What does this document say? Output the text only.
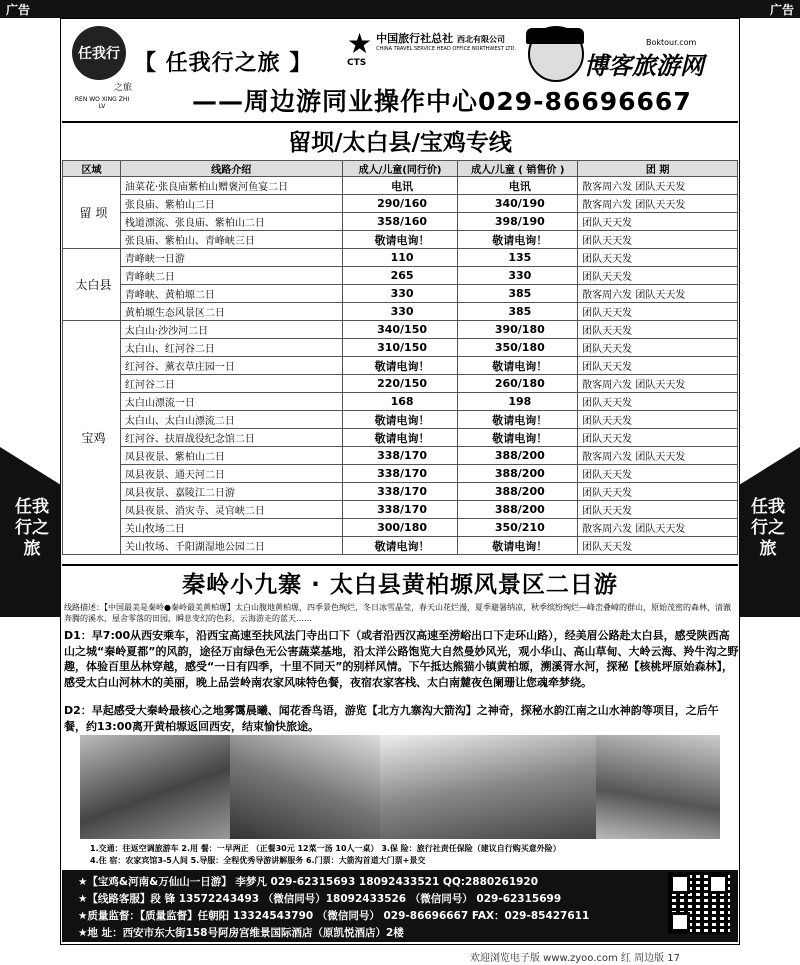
广告	广告
任我行之旅
任我行之旅
任我行
之旅
REN WO XING ZHI LV
【 任我行之旅 】
★ 中国旅行社总社 西北有限公司
CHINA TRAVEL SERVICE HEAD OFFICE NORTHWEST LTD.
CTS
Boktour.com
博客旅游网
——周边游同业操作中心029-86696667
留坝/太白县/宝鸡专线
区域	线路介绍	成人/儿童(同行价)	成人/儿童 ( 销售价 )	团 期
留 坝	油菜花·张良庙紫柏山赠褒河鱼宴二日	电讯	电讯	散客周六发 团队天天发
	张良庙、紫柏山二日	290/160	340/190	散客周六发 团队天天发
	栈道漂流、张良庙、紫柏山二日	358/160	398/190	团队天天发
	张良庙、紫柏山、青峰峡三日	敬请电询！	敬请电询！	团队天天发
太白县	青峰峡一日游	110	135	团队天天发
	青峰峡二日	265	330	团队天天发
	青峰峡、黄柏塬二日	330	385	散客周六发 团队天天发
	黄柏塬生态风景区二日	330	385	团队天天发
宝鸡	太白山·沙沙河二日	340/150	390/180	团队天天发
	太白山、红河谷二日	310/150	350/180	团队天天发
	红河谷、薰衣草庄园一日	敬请电询！	敬请电询！	团队天天发
	红河谷二日	220/150	260/180	散客周六发 团队天天发
	太白山漂流一日	168	198	团队天天发
	太白山、太白山漂流二日	敬请电询！	敬请电询！	团队天天发
	红河谷、扶眉战役纪念馆二日	敬请电询！	敬请电询！	团队天天发
	凤县夜景、紫柏山二日	338/170	388/200	散客周六发 团队天天发
	凤县夜景、通天河二日	338/170	388/200	团队天天发
	凤县夜景、嘉陵江二日游	338/170	388/200	团队天天发
	凤县夜景、消灾寺、灵官峡二日	338/170	388/200	团队天天发
	关山牧场二日	300/180	350/210	散客周六发 团队天天发
	关山牧场、千阳湖湿地公园二日	敬请电询！	敬请电询！	团队天天发
秦岭小九寨 · 太白县黄柏塬风景区二日游
线路描述：【中国最美是秦岭●秦岭最美黄柏塬】太白山腹地黄柏塬，四季景色绚烂，冬日冰雪晶莹，春天山花烂漫，夏季避暑纳凉，秋季缤纷绚烂—峰峦叠嶂的群山，原始茂密的森林，清澈奔腾的溪水，屋舍零落的田园，瞬息变幻的色彩，云海游走的蓝天……
D1：早7:00从西安乘车，沿西宝高速至扶风法门寺出口下（或者沿西汉高速至涝峪出口下走环山路），经美眉公路赴太白县，感受陕西高山之城“秦岭夏都”的风韵，途径万亩绿色无公害蔬菜基地，沿太洋公路饱览大自然曼妙风光，观小华山、高山草甸、大岭云海、羚牛沟之野趣，体验百里丛林穿越，感受“一日有四季，十里不同天”的别样风情。下午抵达熊猫小镇黄柏塬，溯溪胥水河，探秘【核桃坪原始森林】，感受太白山河林木的美丽，晚上品尝岭南农家风味特色餐，夜宿农家客栈、太白南麓夜色阑珊让您魂牵梦绕。
D2：早起感受大秦岭最核心之地雾霭晨曦、闻花香鸟语，游览【北方九寨沟大箭沟】之神奇，探秘水韵江南之山水神韵等项目，之后午餐，约13:00离开黄柏塬返回西安，结束愉快旅途。
1.交通：往返空调旅游车 2.用 餐：一早两正 （正餐30元 12菜一汤 10人一桌） 3.保 险：旅行社责任保险（建议自行购买意外险）
4.住 宿：农家宾馆3-5人间 5.导服：全程优秀导游讲解服务 6.门票：大箭沟首道大门票+景交
★【宝鸡&河南&万仙山一日游】 李梦凡 029-62315693 18092433521 QQ:2880261920
★【线路客服】段 锋 13572243493 （微信同号）18092433526 （微信同号） 029-62315699
★质量监督：【质量监督】任朝阳 13324543790 （微信同号） 029-86696667 FAX：029-85427611
★地 址：西安市东大街158号阿房宫维景国际酒店（原凯悦酒店）2楼
欢迎浏览电子版 www.zyoo.com 红 周边版 17
